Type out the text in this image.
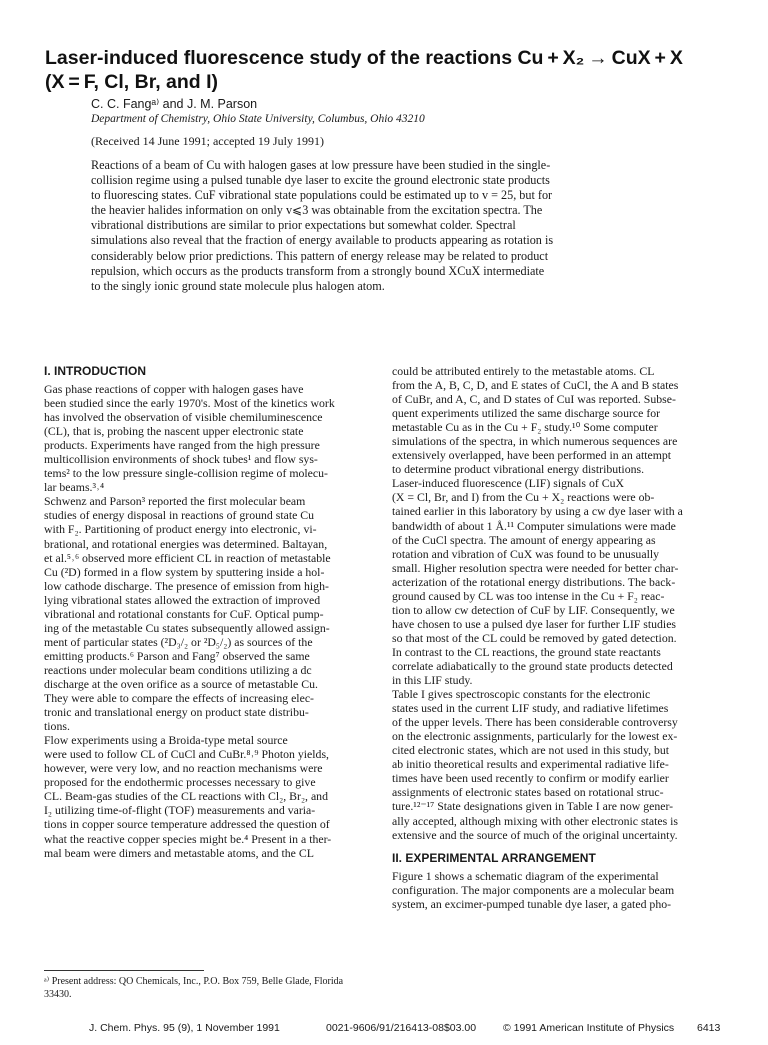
Laser-induced fluorescence study of the reactions Cu + X₂ → CuX + X
(X = F, Cl, Br, and I)
C. C. Fangᵃ⁾ and J. M. Parson
Department of Chemistry, Ohio State University, Columbus, Ohio 43210
(Received 14 June 1991; accepted 19 July 1991)
Reactions of a beam of Cu with halogen gases at low pressure have been studied in the single-
collision regime using a pulsed tunable dye laser to excite the ground electronic state products
to fluorescing states. CuF vibrational state populations could be estimated up to v = 25, but for
the heavier halides information on only v⩽3 was obtainable from the excitation spectra. The
vibrational distributions are similar to prior expectations but somewhat colder. Spectral
simulations also reveal that the fraction of energy available to products appearing as rotation is
considerably below prior predictions. This pattern of energy release may be related to product
repulsion, which occurs as the products transform from a strongly bound XCuX intermediate
to the singly ionic ground state molecule plus halogen atom.
I. INTRODUCTION
Gas phase reactions of copper with halogen gases have
been studied since the early 1970's. Most of the kinetics work
has involved the observation of visible chemiluminescence
(CL), that is, probing the nascent upper electronic state
products. Experiments have ranged from the high pressure
multicollision environments of shock tubes¹ and flow sys-
tems² to the low pressure single-collision regime of molecu-
lar beams.³˒⁴
Schwenz and Parson³ reported the first molecular beam
studies of energy disposal in reactions of ground state Cu
with F₂. Partitioning of product energy into electronic, vi-
brational, and rotational energies was determined. Baltayan,
et al.⁵˒⁶ observed more efficient CL in reaction of metastable
Cu (²D) formed in a flow system by sputtering inside a hol-
low cathode discharge. The presence of emission from high-
lying vibrational states allowed the extraction of improved
vibrational and rotational constants for CuF. Optical pump-
ing of the metastable Cu states subsequently allowed assign-
ment of particular states (²D₃/₂ or ²D₅/₂) as sources of the
emitting products.⁶ Parson and Fang⁷ observed the same
reactions under molecular beam conditions utilizing a dc
discharge at the oven orifice as a source of metastable Cu.
They were able to compare the effects of increasing elec-
tronic and translational energy on product state distribu-
tions.
Flow experiments using a Broida-type metal source
were used to follow CL of CuCl and CuBr.⁸˒⁹ Photon yields,
however, were very low, and no reaction mechanisms were
proposed for the endothermic processes necessary to give
CL. Beam-gas studies of the CL reactions with Cl₂, Br₂, and
I₂ utilizing time-of-flight (TOF) measurements and varia-
tions in copper source temperature addressed the question of
what the reactive copper species might be.⁴ Present in a ther-
mal beam were dimers and metastable atoms, and the CL
could be attributed entirely to the metastable atoms. CL
from the A, B, C, D, and E states of CuCl, the A and B states
of CuBr, and A, C, and D states of CuI was reported. Subse-
quent experiments utilized the same discharge source for
metastable Cu as in the Cu + F₂ study.¹⁰ Some computer
simulations of the spectra, in which numerous sequences are
extensively overlapped, have been performed in an attempt
to determine product vibrational energy distributions.
Laser-induced fluorescence (LIF) signals of CuX
(X = Cl, Br, and I) from the Cu + X₂ reactions were ob-
tained earlier in this laboratory by using a cw dye laser with a
bandwidth of about 1 Å.¹¹ Computer simulations were made
of the CuCl spectra. The amount of energy appearing as
rotation and vibration of CuX was found to be unusually
small. Higher resolution spectra were needed for better char-
acterization of the rotational energy distributions. The back-
ground caused by CL was too intense in the Cu + F₂ reac-
tion to allow cw detection of CuF by LIF. Consequently, we
have chosen to use a pulsed dye laser for further LIF studies
so that most of the CL could be removed by gated detection.
In contrast to the CL reactions, the ground state reactants
correlate adiabatically to the ground state products detected
in this LIF study.
Table I gives spectroscopic constants for the electronic
states used in the current LIF study, and radiative lifetimes
of the upper levels. There has been considerable controversy
on the electronic assignments, particularly for the lowest ex-
cited electronic states, which are not used in this study, but
ab initio theoretical results and experimental radiative life-
times have been used recently to confirm or modify earlier
assignments of electronic states based on rotational struc-
ture.¹²⁻¹⁷ State designations given in Table I are now gener-
ally accepted, although mixing with other electronic states is
extensive and the source of much of the original uncertainty.
II. EXPERIMENTAL ARRANGEMENT
Figure 1 shows a schematic diagram of the experimental
configuration. The major components are a molecular beam
system, an excimer-pumped tunable dye laser, a gated pho-
ᵃ⁾ Present address: QO Chemicals, Inc., P.O. Box 759, Belle Glade, Florida
33430.
J. Chem. Phys. 95 (9), 1 November 1991	0021-9606/91/216413-08$03.00	© 1991 American Institute of Physics 6413
